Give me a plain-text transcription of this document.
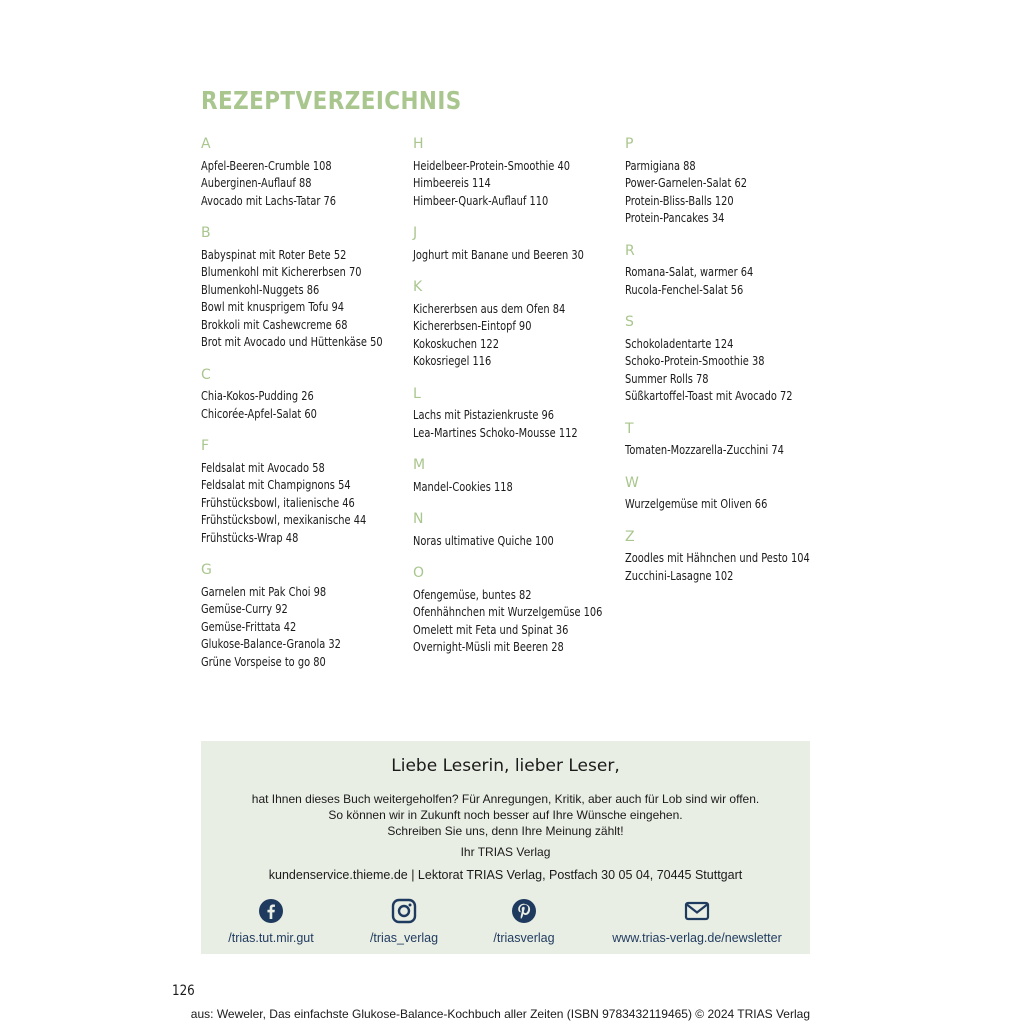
REZEPTVERZEICHNIS
A
Apfel-Beeren-Crumble 108
Auberginen-Auflauf 88
Avocado mit Lachs-Tatar 76
B
Babyspinat mit Roter Bete 52
Blumenkohl mit Kichererbsen 70
Blumenkohl-Nuggets 86
Bowl mit knusprigem Tofu 94
Brokkoli mit Cashewcreme 68
Brot mit Avocado und Hüttenkäse 50
C
Chia-Kokos-Pudding 26
Chicorée-Apfel-Salat 60
F
Feldsalat mit Avocado 58
Feldsalat mit Champignons 54
Frühstücksbowl, italienische 46
Frühstücksbowl, mexikanische 44
Frühstücks-Wrap 48
G
Garnelen mit Pak Choi 98
Gemüse-Curry 92
Gemüse-Frittata 42
Glukose-Balance-Granola 32
Grüne Vorspeise to go 80
H
Heidelbeer-Protein-Smoothie 40
Himbeereis 114
Himbeer-Quark-Auflauf 110
J
Joghurt mit Banane und Beeren 30
K
Kichererbsen aus dem Ofen 84
Kichererbsen-Eintopf 90
Kokoskuchen 122
Kokosriegel 116
L
Lachs mit Pistazienkruste 96
Lea-Martines Schoko-Mousse 112
M
Mandel-Cookies 118
N
Noras ultimative Quiche 100
O
Ofengemüse, buntes 82
Ofenhähnchen mit Wurzelgemüse 106
Omelett mit Feta und Spinat 36
Overnight-Müsli mit Beeren 28
P
Parmigiana 88
Power-Garnelen-Salat 62
Protein-Bliss-Balls 120
Protein-Pancakes 34
R
Romana-Salat, warmer 64
Rucola-Fenchel-Salat 56
S
Schokoladentarte 124
Schoko-Protein-Smoothie 38
Summer Rolls 78
Süßkartoffel-Toast mit Avocado 72
T
Tomaten-Mozzarella-Zucchini 74
W
Wurzelgemüse mit Oliven 66
Z
Zoodles mit Hähnchen und Pesto 104
Zucchini-Lasagne 102
Liebe Leserin, lieber Leser,
hat Ihnen dieses Buch weitergeholfen? Für Anregungen, Kritik, aber auch für Lob sind wir offen.
So können wir in Zukunft noch besser auf Ihre Wünsche eingehen.
Schreiben Sie uns, denn Ihre Meinung zählt!
Ihr TRIAS Verlag
kundenservice.thieme.de | Lektorat TRIAS Verlag, Postfach 30 05 04, 70445 Stuttgart
/trias.tut.mir.gut	/trias_verlag	/triasverlag	www.trias-verlag.de/newsletter
126
aus: Weweler, Das einfachste Glukose-Balance-Kochbuch aller Zeiten (ISBN 9783432119465) © 2024 TRIAS Verlag
